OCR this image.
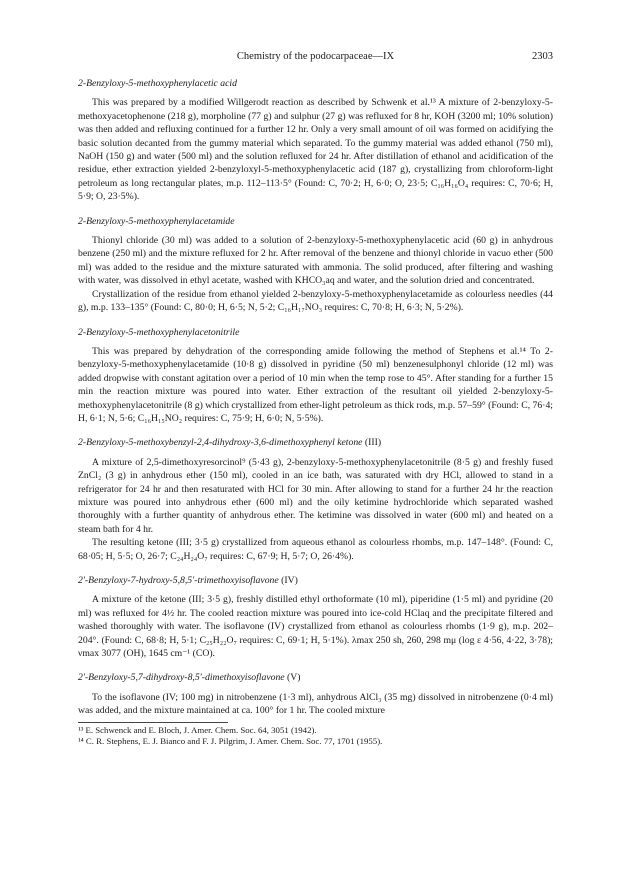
Chemistry of the podocarpaceae—IX	2303
2-Benzyloxy-5-methoxyphenylacetic acid

This was prepared by a modified Willgerodt reaction as described by Schwenk et al.¹³ A mixture of 2-benzyloxy-5-methoxyacetophenone (218 g), morpholine (77 g) and sulphur (27 g) was refluxed for 8 hr, KOH (3200 ml; 10% solution) was then added and refluxing continued for a further 12 hr. Only a very small amount of oil was formed on acidifying the basic solution decanted from the gummy material which separated. To the gummy material was added ethanol (750 ml), NaOH (150 g) and water (500 ml) and the solution refluxed for 24 hr. After distillation of ethanol and acidification of the residue, ether extraction yielded 2-benzyloxyl-5-methoxyphenylacetic acid (187 g), crystallizing from chloroform-light petroleum as long rectangular plates, m.p. 112–113·5° (Found: C, 70·2; H, 6·0; O, 23·5; C₁₆H₁₆O₄ requires: C, 70·6; H, 5·9; O, 23·5%).

2-Benzyloxy-5-methoxyphenylacetamide

Thionyl chloride (30 ml) was added to a solution of 2-benzyloxy-5-methoxyphenylacetic acid (60 g) in anhydrous benzene (250 ml) and the mixture refluxed for 2 hr. After removal of the benzene and thionyl chloride in vacuo ether (500 ml) was added to the residue and the mixture saturated with ammonia. The solid produced, after filtering and washing with water, was dissolved in ethyl acetate, washed with KHCO₃aq and water, and the solution dried and concentrated.

Crystallization of the residue from ethanol yielded 2-benzyloxy-5-methoxyphenylacetamide as colourless needles (44 g), m.p. 133–135° (Found: C, 80·0; H, 6·5; N, 5·2; C₁₆H₁₇NO₃ requires: C, 70·8; H, 6·3; N, 5·2%).

2-Benzyloxy-5-methoxyphenylacetonitrile

This was prepared by dehydration of the corresponding amide following the method of Stephens et al.¹⁴ To 2-benzyloxy-5-methoxyphenylacetamide (10·8 g) dissolved in pyridine (50 ml) benzenesulphonyl chloride (12 ml) was added dropwise with constant agitation over a period of 10 min when the temp rose to 45°. After standing for a further 15 min the reaction mixture was poured into water. Ether extraction of the resultant oil yielded 2-benzyloxy-5-methoxyphenylacetonitrile (8 g) which crystallized from ether-light petroleum as thick rods, m.p. 57–59° (Found: C, 76·4; H, 6·1; N, 5·6; C₁₆H₁₅NO₂ requires: C, 75·9; H, 6·0; N, 5·5%).

2-Benzyloxy-5-methoxybenzyl-2,4-dihydroxy-3,6-dimethoxyphenyl ketone (III)

A mixture of 2,5-dimethoxyresorcinol⁹ (5·43 g), 2-benzyloxy-5-methoxyphenylacetonitrile (8·5 g) and freshly fused ZnCl₂ (3 g) in anhydrous ether (150 ml), cooled in an ice bath, was saturated with dry HCl, allowed to stand in a refrigerator for 24 hr and then resaturated with HCl for 30 min. After allowing to stand for a further 24 hr the reaction mixture was poured into anhydrous ether (600 ml) and the oily ketimine hydrochloride which separated washed thoroughly with a further quantity of anhydrous ether. The ketimine was dissolved in water (600 ml) and heated on a steam bath for 4 hr.

The resulting ketone (III; 3·5 g) crystallized from aqueous ethanol as colourless rhombs, m.p. 147–148°. (Found: C, 68·05; H, 5·5; O, 26·7; C₂₄H₂₄O₇ requires: C, 67·9; H, 5·7; O, 26·4%).

2'-Benzyloxy-7-hydroxy-5,8,5'-trimethoxyisoflavone (IV)

A mixture of the ketone (III; 3·5 g), freshly distilled ethyl orthoformate (10 ml), piperidine (1·5 ml) and pyridine (20 ml) was refluxed for 4½ hr. The cooled reaction mixture was poured into ice-cold HClaq and the precipitate filtered and washed thoroughly with water. The isoflavone (IV) crystallized from ethanol as colourless rhombs (1·9 g), m.p. 202–204°. (Found: C, 68·8; H, 5·1; C₂₅H₂₂O₇ requires: C, 69·1; H, 5·1%). λmax 250 sh, 260, 298 mμ (log ε 4·56, 4·22, 3·78); νmax 3077 (OH), 1645 cm⁻¹ (CO).

2'-Benzyloxy-5,7-dihydroxy-8,5'-dimethoxyisoflavone (V)

To the isoflavone (IV; 100 mg) in nitrobenzene (1·3 ml), anhydrous AlCl₃ (35 mg) dissolved in nitrobenzene (0·4 ml) was added, and the mixture maintained at ca. 100° for 1 hr. The cooled mixture

¹³ E. Schwenck and E. Bloch, J. Amer. Chem. Soc. 64, 3051 (1942).

¹⁴ C. R. Stephens, E. J. Bianco and F. J. Pilgrim, J. Amer. Chem. Soc. 77, 1701 (1955).
